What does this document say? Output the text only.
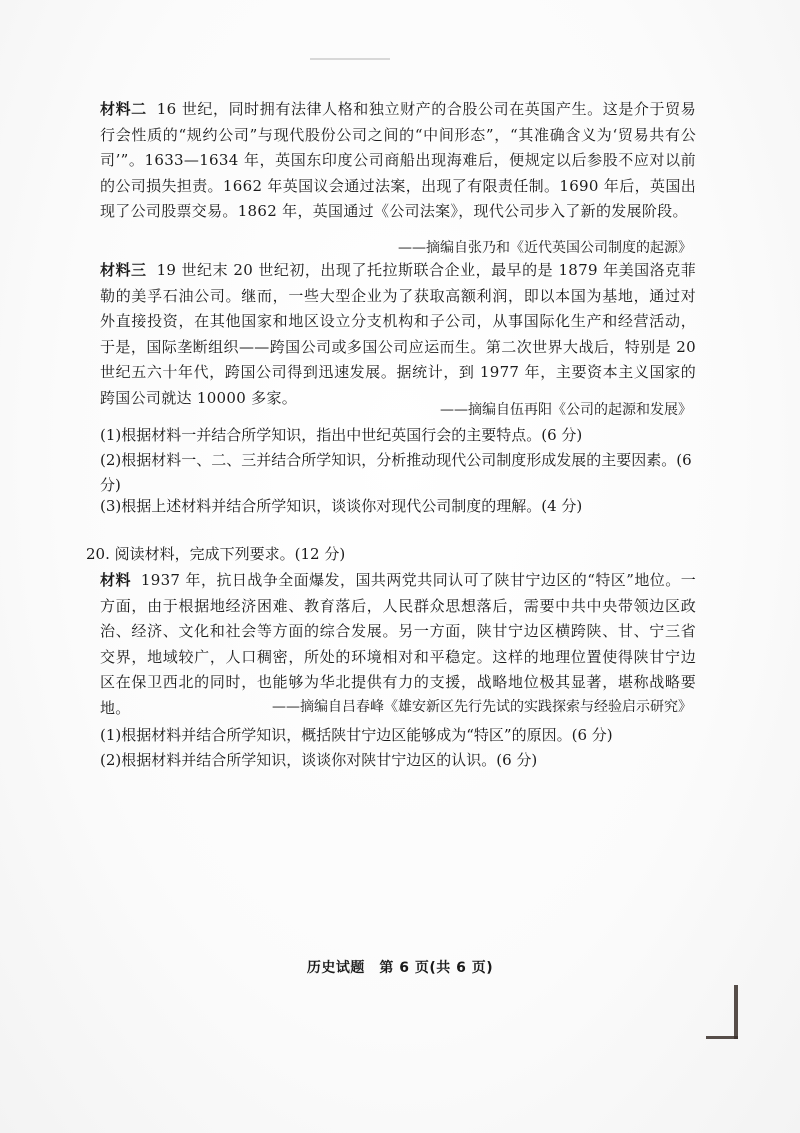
材料二 16 世纪，同时拥有法律人格和独立财产的合股公司在英国产生。这是介于贸易行会性质的“规约公司”与现代股份公司之间的“中间形态”，“其准确含义为‘贸易共有公司’”。1633—1634 年，英国东印度公司商船出现海难后，便规定以后参股不应对以前的公司损失担责。1662 年英国议会通过法案，出现了有限责任制。1690 年后，英国出现了公司股票交易。1862 年，英国通过《公司法案》，现代公司步入了新的发展阶段。
——摘编自张乃和《近代英国公司制度的起源》
材料三 19 世纪末 20 世纪初，出现了托拉斯联合企业，最早的是 1879 年美国洛克菲勒的美孚石油公司。继而，一些大型企业为了获取高额利润，即以本国为基地，通过对外直接投资，在其他国家和地区设立分支机构和子公司，从事国际化生产和经营活动，于是，国际垄断组织——跨国公司或多国公司应运而生。第二次世界大战后，特别是 20 世纪五六十年代，跨国公司得到迅速发展。据统计，到 1977 年，主要资本主义国家的跨国公司就达 10000 多家。
——摘编自伍再阳《公司的起源和发展》
(1)根据材料一并结合所学知识，指出中世纪英国行会的主要特点。(6 分)
(2)根据材料一、二、三并结合所学知识，分析推动现代公司制度形成发展的主要因素。(6 分)
(3)根据上述材料并结合所学知识，谈谈你对现代公司制度的理解。(4 分)
20. 阅读材料，完成下列要求。(12 分)
材料 1937 年，抗日战争全面爆发，国共两党共同认可了陕甘宁边区的“特区”地位。一方面，由于根据地经济困难、教育落后，人民群众思想落后，需要中共中央带领边区政治、经济、文化和社会等方面的综合发展。另一方面，陕甘宁边区横跨陕、甘、宁三省交界，地域较广，人口稠密，所处的环境相对和平稳定。这样的地理位置使得陕甘宁边区在保卫西北的同时，也能够为华北提供有力的支援，战略地位极其显著，堪称战略要地。	——摘编自吕春峰《雄安新区先行先试的实践探索与经验启示研究》
(1)根据材料并结合所学知识，概括陕甘宁边区能够成为“特区”的原因。(6 分)
(2)根据材料并结合所学知识，谈谈你对陕甘宁边区的认识。(6 分)
历史试题　第 6 页(共 6 页)
